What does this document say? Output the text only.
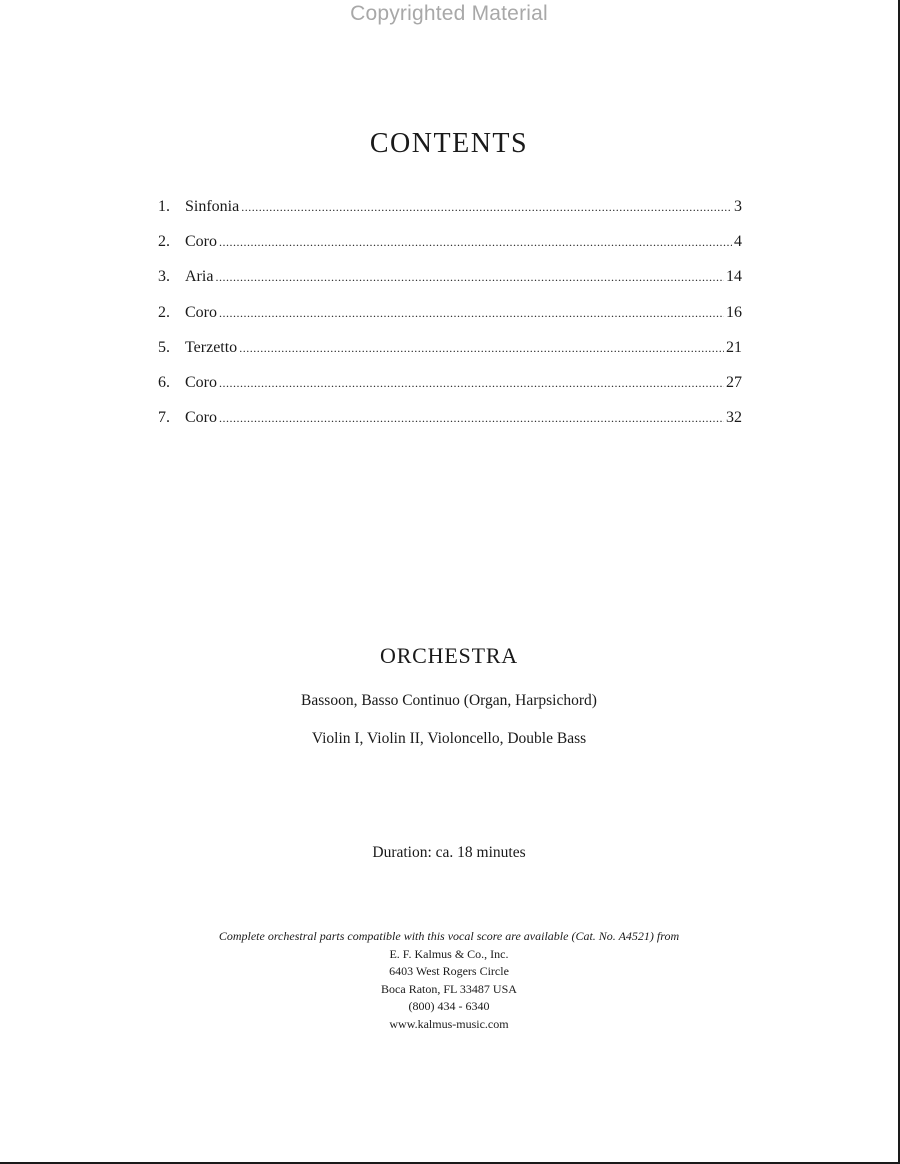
Copyrighted Material
CONTENTS
1. Sinfonia .....	3
2. Coro .....	4
3. Aria .....	14
2. Coro .....	16
5. Terzetto .....	21
6. Coro .....	27
7. Coro .....	32
ORCHESTRA
Bassoon, Basso Continuo (Organ, Harpsichord)
Violin I, Violin II, Violoncello, Double Bass
Duration: ca. 18 minutes
Complete orchestral parts compatible with this vocal score are available (Cat. No. A4521) from
E. F. Kalmus & Co., Inc.
6403 West Rogers Circle
Boca Raton, FL 33487 USA
(800) 434 - 6340
www.kalmus-music.com
